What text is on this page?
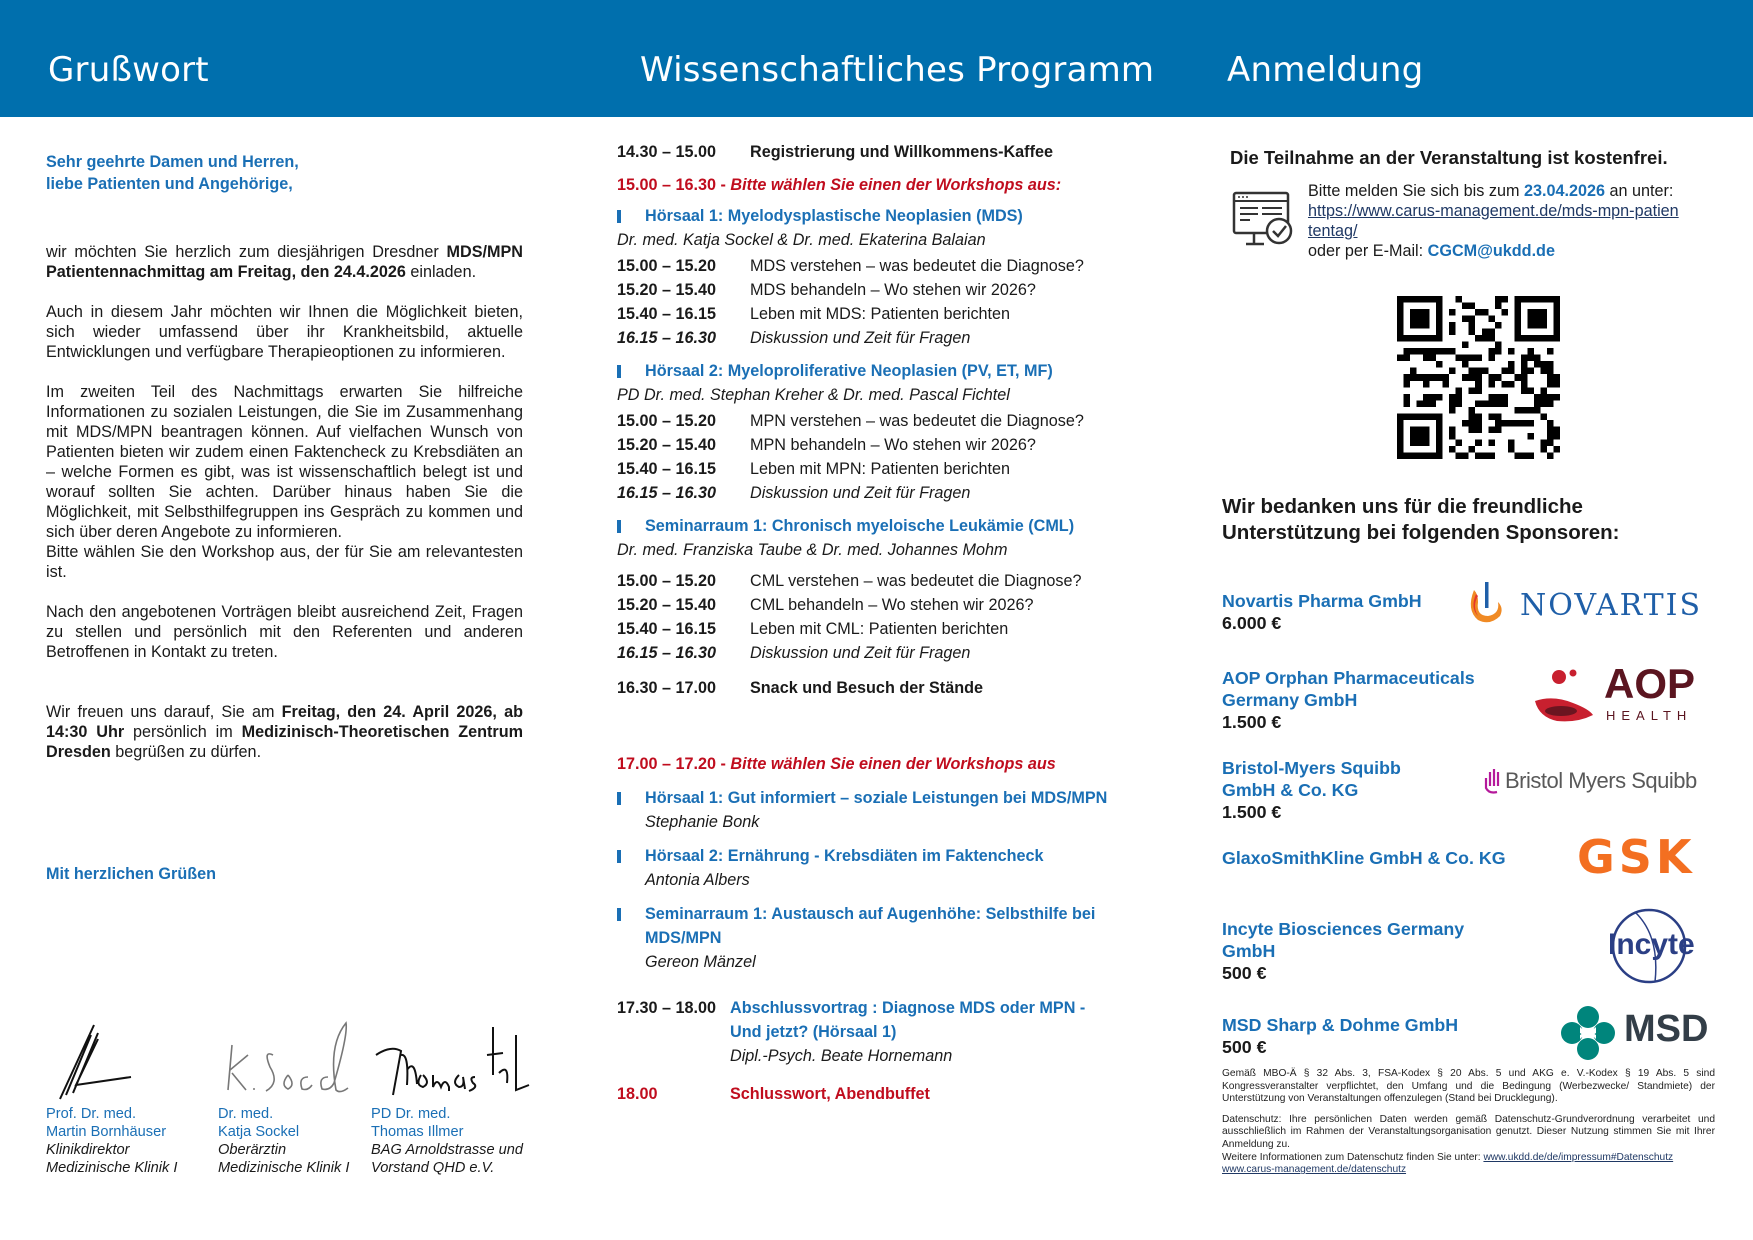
Grußwort	Wissenschaftliches Programm Anmeldung
Sehr geehrte Damen und Herren,
liebe Patienten und Angehörige,

wir möchten Sie herzlich zum diesjährigen Dresdner MDS/MPN Patientennachmittag am Freitag, den 24.4.2026 einladen.

Auch in diesem Jahr möchten wir Ihnen die Möglichkeit bieten, sich wieder umfassend über ihr Krankheitsbild, aktuelle Entwicklungen und verfügbare Therapieoptionen zu informieren.

Im zweiten Teil des Nachmittags erwarten Sie hilfreiche Informationen zu sozialen Leistungen, die Sie im Zusammenhang mit MDS/MPN beantragen können. Auf vielfachen Wunsch von Patienten bieten wir zudem einen Faktencheck zu Krebsdiäten an – welche Formen es gibt, was ist wissenschaftlich belegt ist und worauf sollten Sie achten. Darüber hinaus haben Sie die Möglichkeit, mit Selbsthilfegruppen ins Gespräch zu kommen und sich über deren Angebote zu informieren.

Bitte wählen Sie den Workshop aus, der für Sie am relevantesten ist.

Nach den angebotenen Vorträgen bleibt ausreichend Zeit, Fragen zu stellen und persönlich mit den Referenten und anderen Betroffenen in Kontakt zu treten.

Wir freuen uns darauf, Sie am Freitag, den 24. April 2026, ab 14:30 Uhr persönlich im Medizinisch-Theoretischen Zentrum Dresden begrüßen zu dürfen.

Mit herzlichen Grüßen
Prof. Dr. med.
Martin Bornhäuser
Klinikdirektor
Medizinische Klinik I
Dr. med.
Katja Sockel
Oberärztin
Medizinische Klinik I
PD Dr. med.
Thomas Illmer
BAG Arnoldstrasse und
Vorstand QHD e.V.
14.30 – 15.00	Registrierung und Willkommens-Kaffee
15.00 – 16.30 - Bitte wählen Sie einen der Workshops aus:
Hörsaal 1: Myelodysplastische Neoplasien (MDS)
Dr. med. Katja Sockel & Dr. med. Ekaterina Balaian
15.00 – 15.20	MDS verstehen – was bedeutet die Diagnose?
15.20 – 15.40	MDS behandeln – Wo stehen wir 2026?
15.40 – 16.15	Leben mit MDS: Patienten berichten
16.15 – 16.30	Diskussion und Zeit für Fragen
Hörsaal 2: Myeloproliferative Neoplasien (PV, ET, MF)
PD Dr. med. Stephan Kreher & Dr. med. Pascal Fichtel
15.00 – 15.20	MPN verstehen – was bedeutet die Diagnose?
15.20 – 15.40	MPN behandeln – Wo stehen wir 2026?
15.40 – 16.15	Leben mit MPN: Patienten berichten
16.15 – 16.30	Diskussion und Zeit für Fragen
Seminarraum 1: Chronisch myeloische Leukämie (CML)
Dr. med. Franziska Taube & Dr. med. Johannes Mohm
15.00 – 15.20	CML verstehen – was bedeutet die Diagnose?
15.20 – 15.40	CML behandeln – Wo stehen wir 2026?
15.40 – 16.15	Leben mit CML: Patienten berichten
16.15 – 16.30	Diskussion und Zeit für Fragen
16.30 – 17.00	Snack und Besuch der Stände
17.00 – 17.20 - Bitte wählen Sie einen der Workshops aus
Hörsaal 1: Gut informiert – soziale Leistungen bei MDS/MPN
Stephanie Bonk
Hörsaal 2: Ernährung - Krebsdiäten im Faktencheck
Antonia Albers
Seminarraum 1: Austausch auf Augenhöhe: Selbsthilfe bei MDS/MPN
Gereon Mänzel
17.30 – 18.00 Abschlussvortrag : Diagnose MDS oder MPN - Und jetzt? (Hörsaal 1)
Dipl.-Psych. Beate Hornemann
18.00	Schlusswort, Abendbuffet
Die Teilnahme an der Veranstaltung ist kostenfrei.
Bitte melden Sie sich bis zum 23.04.2026 an unter:
https://www.carus-management.de/mds-mpn-patiententag/
oder per E-Mail: CGCM@ukdd.de
Wir bedanken uns für die freundliche Unterstützung bei folgenden Sponsoren:
Novartis Pharma GmbH
6.000 €	NOVARTIS
AOP Orphan Pharmaceuticals Germany GmbH
1.500 €
AOP
HEALTH
Bristol-Myers Squibb GmbH & Co. KG
1.500 €
Bristol Myers Squibb
GlaxoSmithKline GmbH & Co. KG	GSK
Incyte Biosciences Germany GmbH
500 €
Incyte
MSD Sharp & Dohme GmbH
500 €	MSD

Gemäß MBO-Ä § 32 Abs. 3, FSA-Kodex § 20 Abs. 5 und AKG e. V.-Kodex § 19 Abs. 5 sind Kongressveranstalter verpflichtet, den Umfang und die Bedingung (Werbezwecke/ Standmiete) der Unterstützung von Veranstaltungen offenzulegen (Stand bei Drucklegung).

Datenschutz: Ihre persönlichen Daten werden gemäß Datenschutz-Grundverordnung verarbeitet und ausschließlich im Rahmen der Veranstaltungsorganisation genutzt. Dieser Nutzung stimmen Sie mit Ihrer Anmeldung zu.

Weitere Informationen zum Datenschutz finden Sie unter: www.ukdd.de/de/impressum#Datenschutz
www.carus-management.de/datenschutz
